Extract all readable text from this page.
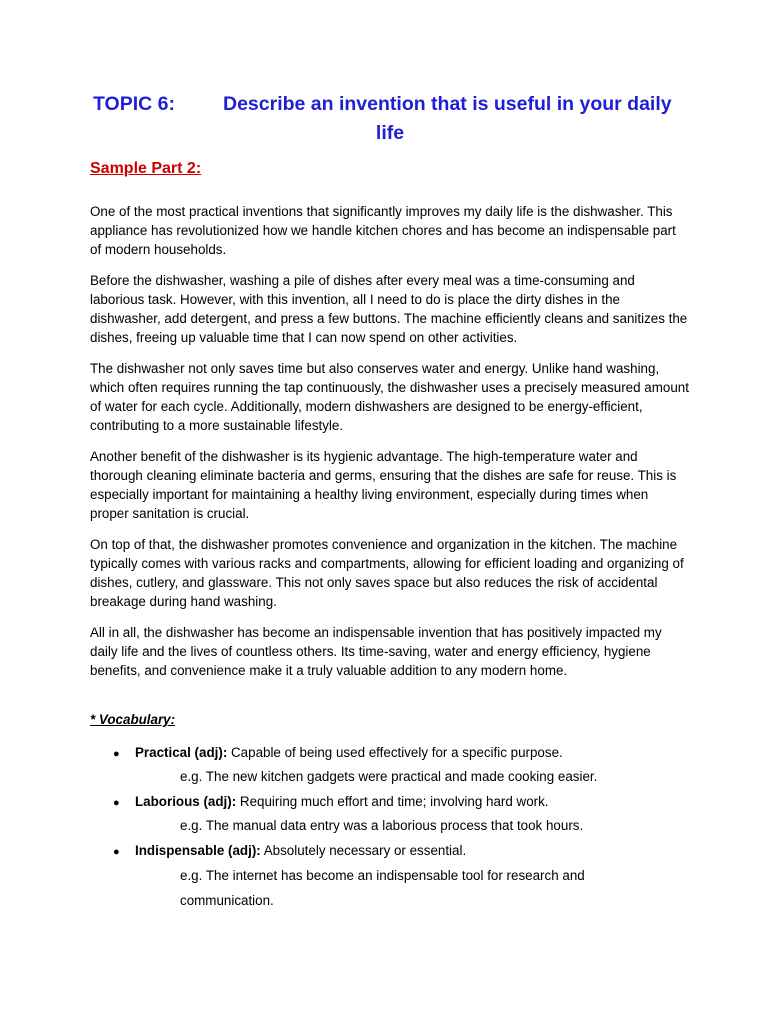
TOPIC 6: Describe an invention that is useful in your daily
life
Sample Part 2:

One of the most practical inventions that significantly improves my daily life is the dishwasher. This appliance has revolutionized how we handle kitchen chores and has become an indispensable part of modern households.

Before the dishwasher, washing a pile of dishes after every meal was a time-consuming and laborious task. However, with this invention, all I need to do is place the dirty dishes in the dishwasher, add detergent, and press a few buttons. The machine efficiently cleans and sanitizes the dishes, freeing up valuable time that I can now spend on other activities.

The dishwasher not only saves time but also conserves water and energy. Unlike hand washing, which often requires running the tap continuously, the dishwasher uses a precisely measured amount of water for each cycle. Additionally, modern dishwashers are designed to be energy-efficient, contributing to a more sustainable lifestyle.

Another benefit of the dishwasher is its hygienic advantage. The high-temperature water and thorough cleaning eliminate bacteria and germs, ensuring that the dishes are safe for reuse. This is especially important for maintaining a healthy living environment, especially during times when proper sanitation is crucial.

On top of that, the dishwasher promotes convenience and organization in the kitchen. The machine typically comes with various racks and compartments, allowing for efficient loading and organizing of dishes, cutlery, and glassware. This not only saves space but also reduces the risk of accidental breakage during hand washing.

All in all, the dishwasher has become an indispensable invention that has positively impacted my daily life and the lives of countless others. Its time-saving, water and energy efficiency, hygiene benefits, and convenience make it a truly valuable addition to any modern home.

* Vocabulary:
● Practical (adj): Capable of being used effectively for a specific purpose.
e.g. The new kitchen gadgets were practical and made cooking easier.
● Laborious (adj): Requiring much effort and time; involving hard work.
e.g. The manual data entry was a laborious process that took hours.
● Indispensable (adj): Absolutely necessary or essential.
e.g. The internet has become an indispensable tool for research and communication.
